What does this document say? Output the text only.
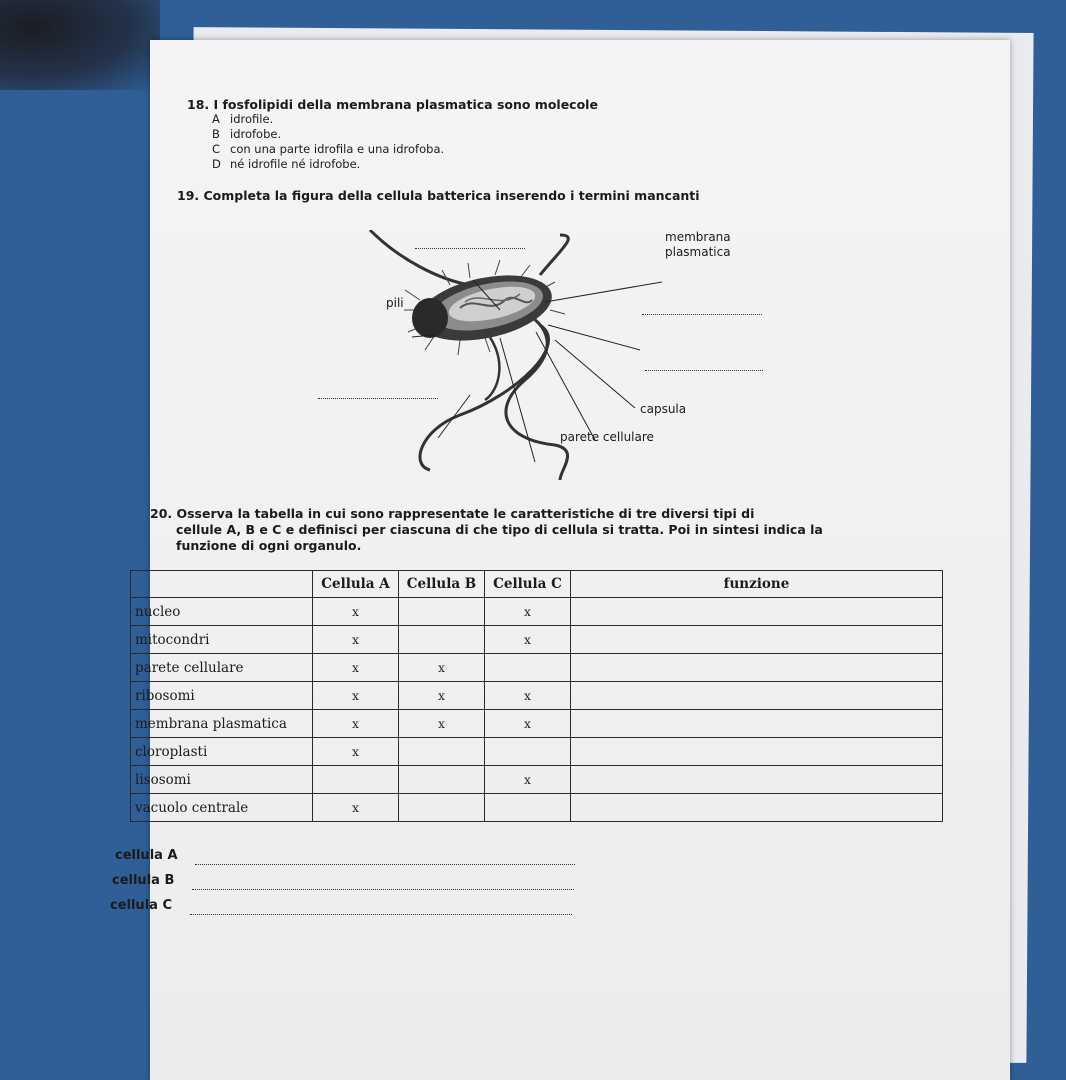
18. I fosfolipidi della membrana plasmatica sono molecole
A idrofile.
B idrofobe.
C con una parte idrofila e una idrofoba.
D né idrofile né idrofobe.
19. Completa la figura della cellula batterica inserendo i termini mancanti
membrana
plasmatica
pili
capsula
parete cellulare
20. Osserva la tabella in cui sono rappresentate le caratteristiche di tre diversi tipi di
cellule A, B e C e definisci per ciascuna di che tipo di cellula si tratta. Poi in sintesi indica la
funzione di ogni organulo.
	Cellula A	Cellula B	Cellula C	funzione
nucleo	x		x	
mitocondri	x		x	
parete cellulare	x	x		
ribosomi	x	x	x	
membrana plasmatica	x	x	x	
cloroplasti	x			
lisosomi			x	
vacuolo centrale	x			
cellula A
cellula B
cellula C
